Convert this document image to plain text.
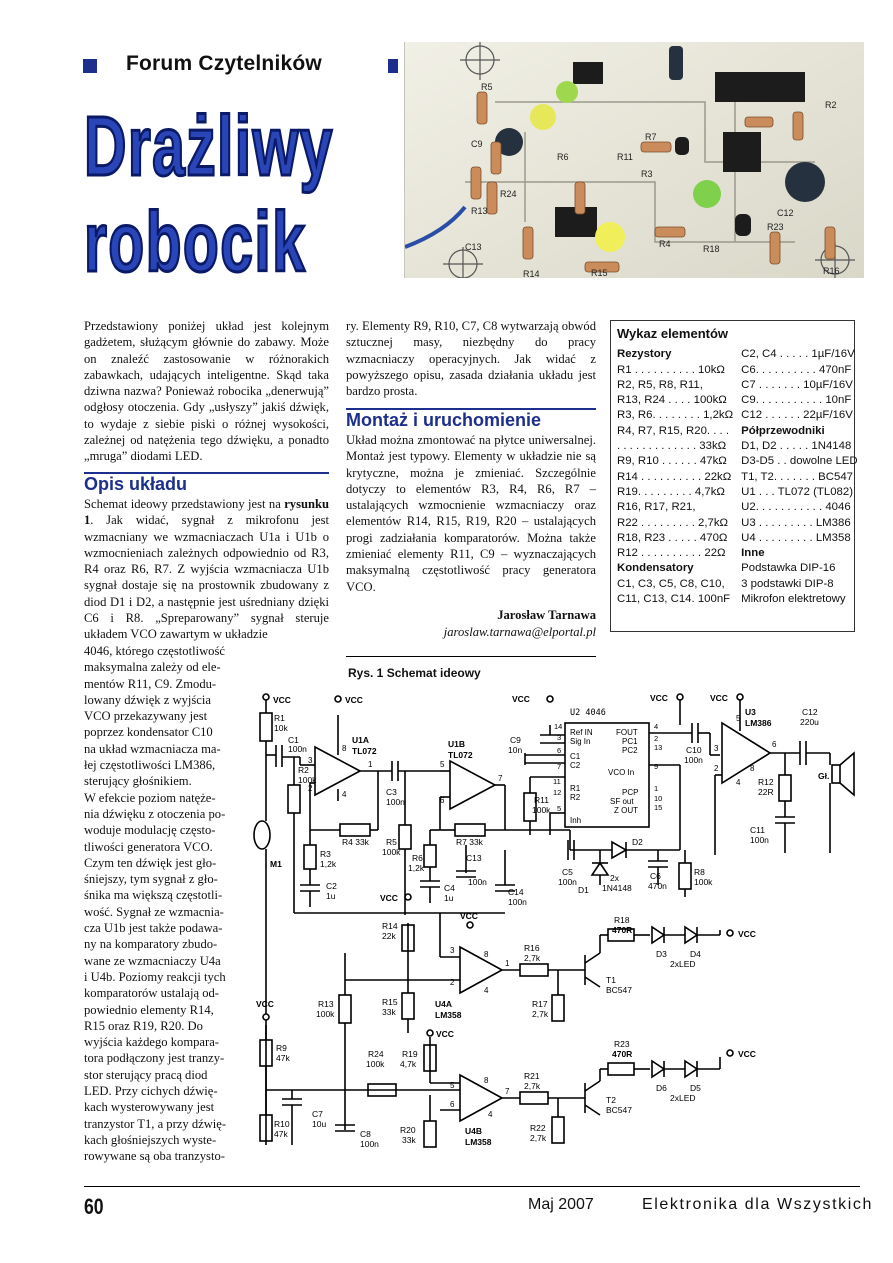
Forum Czytelników
R5
C9
R6	R11
R24
R13
C13
R14
R7
R3
R15
R18
R4
R23
R16
C12
R2
Drażliwy
robocik
Przedstawiony poniżej układ jest kolejnym gadżetem, służącym głównie do zabawy. Może on znaleźć zastosowanie w różnorakich zabawkach, udających inteligentne. Skąd taka dziwna nazwa? Ponieważ robocika „denerwują” odgłosy otoczenia. Gdy „usłyszy” jakiś dźwięk, to wydaje z siebie piski o różnej wysokości, zależnej od natężenia tego dźwięku, a ponadto „mruga” diodami LED.
Opis układu
Schemat ideowy przedstawiony jest na rysunku 1. Jak widać, sygnał z mikrofonu jest wzmacniany we wzmacniaczach U1a i U1b o wzmocnieniach zależnych odpowiednio od R3, R4 oraz R6, R7. Z wyjścia wzmacniacza U1b sygnał dostaje się na prostownik zbudowany z diod D1 i D2, a następnie jest uśredniany dzięki C6 i R8. „Spreparowany” sygnał steruje układem VCO zawartym w układzie
4046, którego częstotliwość
maksymalna zależy od ele-
mentów R11, C9. Zmodu-
lowany dźwięk z wyjścia
VCO przekazywany jest
poprzez kondensator C10
na układ wzmacniacza ma-
łej częstotliwości LM386,
sterujący głośnikiem.
W efekcie poziom natęże-
nia dźwięku z otoczenia po-
woduje modulację często-
tliwości generatora VCO.
Czym ten dźwięk jest gło-
śniejszy, tym sygnał z gło-
śnika ma większą częstotli-
wość. Sygnał ze wzmacnia-
cza U1b jest także podawa-
ny na komparatory zbudo-
wane ze wzmacniaczy U4a
i U4b. Poziomy reakcji tych
komparatorów ustalają od-
powiednio elementy R14,
R15 oraz R19, R20. Do
wyjścia każdego kompara-
tora podłączony jest tranzy-
stor sterujący pracą diod
LED. Przy cichych dźwię-
kach wysterowywany jest
tranzystor T1, a przy dźwię-
kach głośniejszych wyste-
rowywane są oba tranzysto-
ry. Elementy R9, R10, C7, C8 wytwarzają obwód sztucznej masy, niezbędny do pracy wzmacniaczy operacyjnych. Jak widać z powyższego opisu, zasada działania układu jest bardzo prosta.
Montaż i uruchomienie
Układ można zmontować na płytce uniwersalnej. Montaż jest typowy. Elementy w układzie nie są krytyczne, można je zmieniać. Szczególnie dotyczy to elementów R3, R4, R6, R7 – ustalających wzmocnienie wzmacniaczy oraz elementów R14, R15, R19, R20 – ustalających progi zadziałania komparatorów. Można także zmieniać elementy R11, C9 – wyznaczających maksymalną częstotliwość pracy generatora VCO.
Jarosław Tarnawa
jaroslaw.tarnawa@elportal.pl
Wykaz elementów
Rezystory
R1 . . . . . . . . . . 10kΩ
R2, R5, R8, R11,
R13, R24 . . . . 100kΩ
R3, R6. . . . . . . . 1,2kΩ
R4, R7, R15, R20. . . .
. . . . . . . . . . . . . 33kΩ
R9, R10 . . . . . . 47kΩ
R14 . . . . . . . . . . 22kΩ
R19. . . . . . . . . 4,7kΩ
R16, R17, R21,
R22 . . . . . . . . . 2,7kΩ
R18, R23 . . . . . 470Ω
R12 . . . . . . . . . . 22Ω
Kondensatory
C1, C3, C5, C8, C10,
C11, C13, C14. 100nF
C2, C4 . . . . . 1µF/16V
C6. . . . . . . . . . 470nF
C7 . . . . . . . 10µF/16V
C9. . . . . . . . . . . 10nF
C12 . . . . . . 22µF/16V
Półprzewodniki
D1, D2 . . . . . 1N4148
D3-D5 . . dowolne LED
T1, T2. . . . . . . BC547
U1 . . . TL072 (TL082)
U2. . . . . . . . . . . 4046
U3 . . . . . . . . . LM386
U4 . . . . . . . . . LM358
Inne
Podstawka DIP-16
3 podstawki DIP-8
Mikrofon elektretowy
Rys. 1 Schemat ideowy
VCC	VCC	VCC	VCC	VCC
VCC
VCC
VCC
VCC
VCC
VCC
U1A
TL072
U1B
TL072
U2 4046	U3
LM386
U4A
LM358
U4B
LM358
Ref IN
Sig In
C1
C2
R1
R2
Inh
FOUT
PC1
PC2
VCO In
PCP
SF out
Z OUT
14
3
6
7
11
12
5
4
2
13
9
1
10
15
3
2
1
8
4
5
6
7
3
2
1
8
4
5
6
7
8
4
3
2
5
6
4
8
R1
10k
C1
100n
R2
100k
M1
R3
1,2k
C2
1u
R4 33k
C3
100n
R5
100k
R6
1,2k
C4
1u
R7 33k
C13
100n
C14
100n
C9
10n
R11
100k
C10
100n
C12
220u
R12
22R
C11
100n
Gł.
C5
100n
D1
2x
1N4148
D2
C6
470n
R8
100k
R14
22k
R15
33k
R13
100k
R16
2,7k
R17
2,7k
T1
BC547
R18
470R
D3	D4
2xLED
R9
47k
R10
47k
C7
10u
C8
100n
R24
100k
R19
4,7k
R20
33k
R21
2,7k
R22
2,7k
T2
BC547
R23
470R
D6	D5
2xLED
60	Maj 2007	Elektronika dla Wszystkich
